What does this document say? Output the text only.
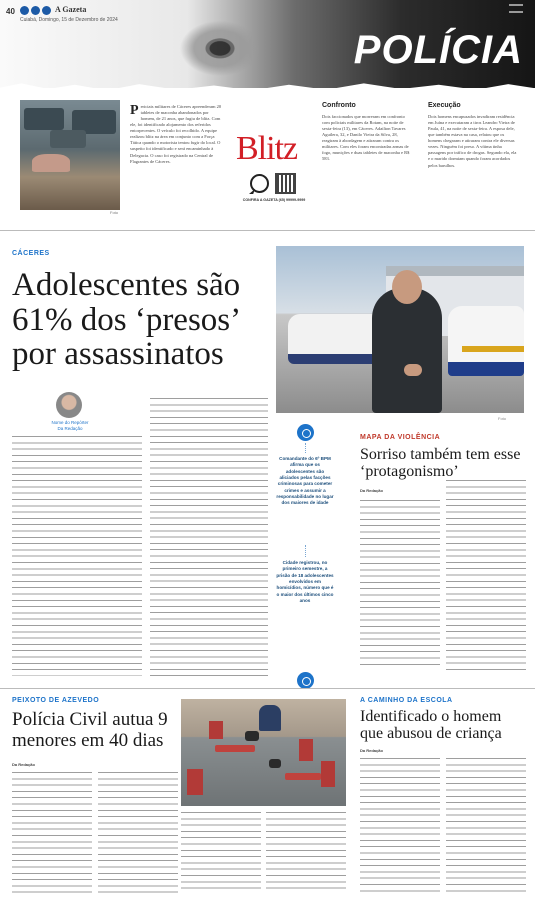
40	A Gazeta
Cuiabá, Domingo, 15 de Dezembro de 2024
POLÍCIA
Foto
Periciais militares de Cáceres apreenderam 20 tabletes de maconha abandonados por homem, de 21 anos, que fugiu de blitz. Com ele, foi identificado alojamento dos referidos entorpecentes. O veículo foi recolhido. A equipe realizou blitz na área em conjunto com a Força Tática quando o motorista tentou fugir do local. O suspeito foi identificado e será encaminhado à Delegacia. O caso foi registrado na Central de Flagrantes de Cáceres.	Blitz
CONFIRA A GAZETA (65) 99999-9999
Confronto
Dois faccionados que morreram em confronto com policiais militares da Rotam, na noite de sexta-feira (13), em Cáceres. Adailton Tavares Aguilera, 32, e Danilo Vieira da Silva, 28, reagiram à abordagem e atiraram contra os militares. Com eles foram encontradas armas de fogo, munições e duas tabletes de maconha e R$ 583.
Execução
Dois homens encapuzados invadiram residência em Juína e executaram a tiros Leandro Vieira de Paula, 41, na noite de sexta-feira. A esposa dele, que também estava na casa, relatou que os homens chegaram e atiraram contra ele diversas vezes. Ninguém foi preso. A vítima tinha passagens por tráfico de drogas. Segundo ela, ela e o marido dormiam quando foram acordados pelos barulhos.
CÁCERES
Adolescentes são 61% dos ‘presos’ por assassinatos
Foto
Nome do Repórter
Da Redação
Comandante do 6º BPM afirma que os adolescentes são aliciados pelas facções criminosas para cometer crimes e assumir a responsabilidade no lugar dos maiores de idade
Cidade registrou, no primeiro semestre, a prisão de 18 adolescentes envolvidos em homicídios, número que é o maior dos últimos cinco anos
MAPA DA VIOLÊNCIA
Sorriso também tem esse ‘protagonismo’
Da Redação
PEIXOTO DE AZEVEDO
Polícia Civil autua 9 menores em 40 dias
Da Redação
A CAMINHO DA ESCOLA
Identificado o homem que abusou de criança
Da Redação
